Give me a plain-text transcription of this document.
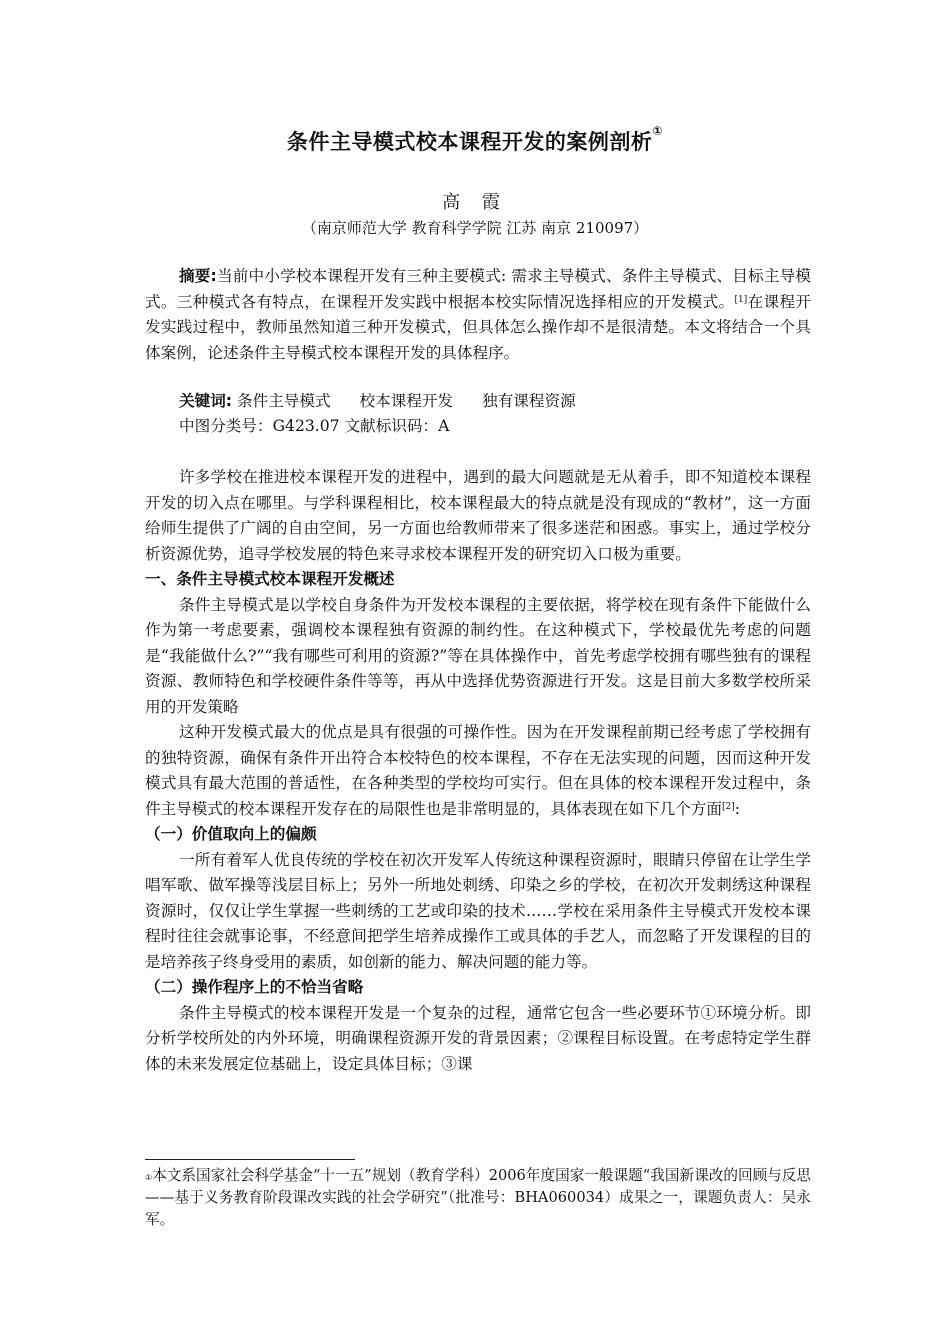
条件主导模式校本课程开发的案例剖析①
高 霞
（南京师范大学 教育科学学院 江苏 南京 210097）

摘要:当前中小学校本课程开发有三种主要模式: 需求主导模式、条件主导模式、目标主导模式。三种模式各有特点，在课程开发实践中根据本校实际情况选择相应的开发模式。[1]在课程开发实践过程中，教师虽然知道三种开发模式，但具体怎么操作却不是很清楚。本文将结合一个具体案例，论述条件主导模式校本课程开发的具体程序。

关键词: 条件主导模式 校本课程开发 独有课程资源
中图分类号：G423.07 文献标识码：A

许多学校在推进校本课程开发的进程中，遇到的最大问题就是无从着手，即不知道校本课程开发的切入点在哪里。与学科课程相比，校本课程最大的特点就是没有现成的“教材”，这一方面给师生提供了广阔的自由空间，另一方面也给教师带来了很多迷茫和困惑。事实上，通过学校分析资源优势，追寻学校发展的特色来寻求校本课程开发的研究切入口极为重要。

一、条件主导模式校本课程开发概述

条件主导模式是以学校自身条件为开发校本课程的主要依据，将学校在现有条件下能做什么作为第一考虑要素，强调校本课程独有资源的制约性。在这种模式下，学校最优先考虑的问题是“我能做什么?”“我有哪些可利用的资源?”等在具体操作中，首先考虑学校拥有哪些独有的课程资源、教师特色和学校硬件条件等等，再从中选择优势资源进行开发。这是目前大多数学校所采用的开发策略

这种开发模式最大的优点是具有很强的可操作性。因为在开发课程前期已经考虑了学校拥有的独特资源，确保有条件开出符合本校特色的校本课程，不存在无法实现的问题，因而这种开发模式具有最大范围的普适性，在各种类型的学校均可实行。但在具体的校本课程开发过程中，条件主导模式的校本课程开发存在的局限性也是非常明显的，具体表现在如下几个方面[2]:

（一）价值取向上的偏颇

一所有着军人优良传统的学校在初次开发军人传统这种课程资源时，眼睛只停留在让学生学唱军歌、做军操等浅层目标上；另外一所地处刺绣、印染之乡的学校，在初次开发刺绣这种课程资源时，仅仅让学生掌握一些刺绣的工艺或印染的技术……学校在采用条件主导模式开发校本课程时往往会就事论事，不经意间把学生培养成操作工或具体的手艺人，而忽略了开发课程的目的是培养孩子终身受用的素质，如创新的能力、解决问题的能力等。

（二）操作程序上的不恰当省略

条件主导模式的校本课程开发是一个复杂的过程，通常它包含一些必要环节①环境分析。即分析学校所处的内外环境，明确课程资源开发的背景因素；②课程目标设置。在考虑特定学生群体的未来发展定位基础上，设定具体目标；③课

①本文系国家社会科学基金“十一五”规划（教育学科）2006年度国家一般课题“我国新课改的回顾与反思——基于义务教育阶段课改实践的社会学研究”（批准号：BHA060034）成果之一，课题负责人：吴永军。
